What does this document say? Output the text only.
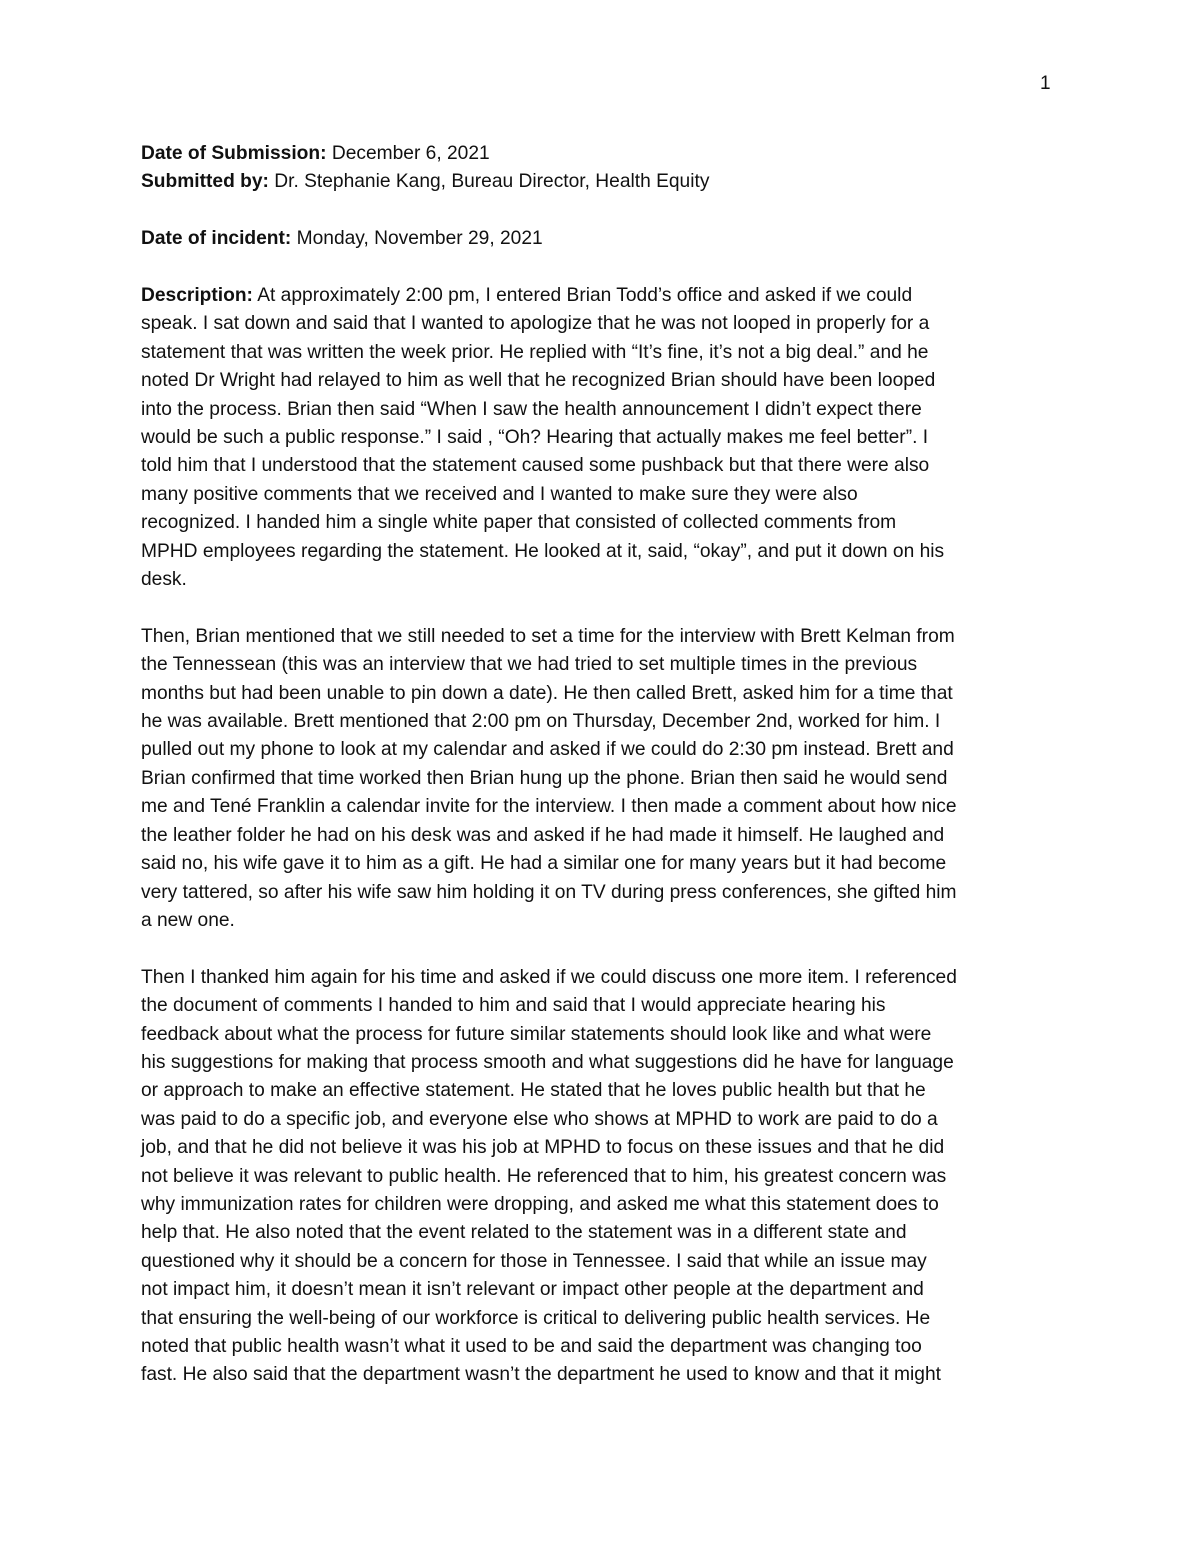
1

Date of Submission: December 6, 2021

Submitted by: Dr. Stephanie Kang, Bureau Director, Health Equity

Date of incident: Monday, November 29, 2021

Description: At approximately 2:00 pm, I entered Brian Todd’s office and asked if we could
speak. I sat down and said that I wanted to apologize that he was not looped in properly for a
statement that was written the week prior. He replied with “It’s fine, it’s not a big deal.” and he
noted Dr Wright had relayed to him as well that he recognized Brian should have been looped
into the process. Brian then said “When I saw the health announcement I didn’t expect there
would be such a public response.” I said , “Oh? Hearing that actually makes me feel better”. I
told him that I understood that the statement caused some pushback but that there were also
many positive comments that we received and I wanted to make sure they were also
recognized. I handed him a single white paper that consisted of collected comments from
MPHD employees regarding the statement. He looked at it, said, “okay”, and put it down on his
desk.
Then, Brian mentioned that we still needed to set a time for the interview with Brett Kelman from
the Tennessean (this was an interview that we had tried to set multiple times in the previous
months but had been unable to pin down a date). He then called Brett, asked him for a time that
he was available. Brett mentioned that 2:00 pm on Thursday, December 2nd, worked for him. I
pulled out my phone to look at my calendar and asked if we could do 2:30 pm instead. Brett and
Brian confirmed that time worked then Brian hung up the phone. Brian then said he would send
me and Tené Franklin a calendar invite for the interview. I then made a comment about how nice
the leather folder he had on his desk was and asked if he had made it himself. He laughed and
said no, his wife gave it to him as a gift. He had a similar one for many years but it had become
very tattered, so after his wife saw him holding it on TV during press conferences, she gifted him
a new one.
Then I thanked him again for his time and asked if we could discuss one more item. I referenced
the document of comments I handed to him and said that I would appreciate hearing his
feedback about what the process for future similar statements should look like and what were
his suggestions for making that process smooth and what suggestions did he have for language
or approach to make an effective statement. He stated that he loves public health but that he
was paid to do a specific job, and everyone else who shows at MPHD to work are paid to do a
job, and that he did not believe it was his job at MPHD to focus on these issues and that he did
not believe it was relevant to public health. He referenced that to him, his greatest concern was
why immunization rates for children were dropping, and asked me what this statement does to
help that. He also noted that the event related to the statement was in a different state and
questioned why it should be a concern for those in Tennessee. I said that while an issue may
not impact him, it doesn’t mean it isn’t relevant or impact other people at the department and
that ensuring the well-being of our workforce is critical to delivering public health services. He
noted that public health wasn’t what it used to be and said the department was changing too
fast. He also said that the department wasn’t the department he used to know and that it might
